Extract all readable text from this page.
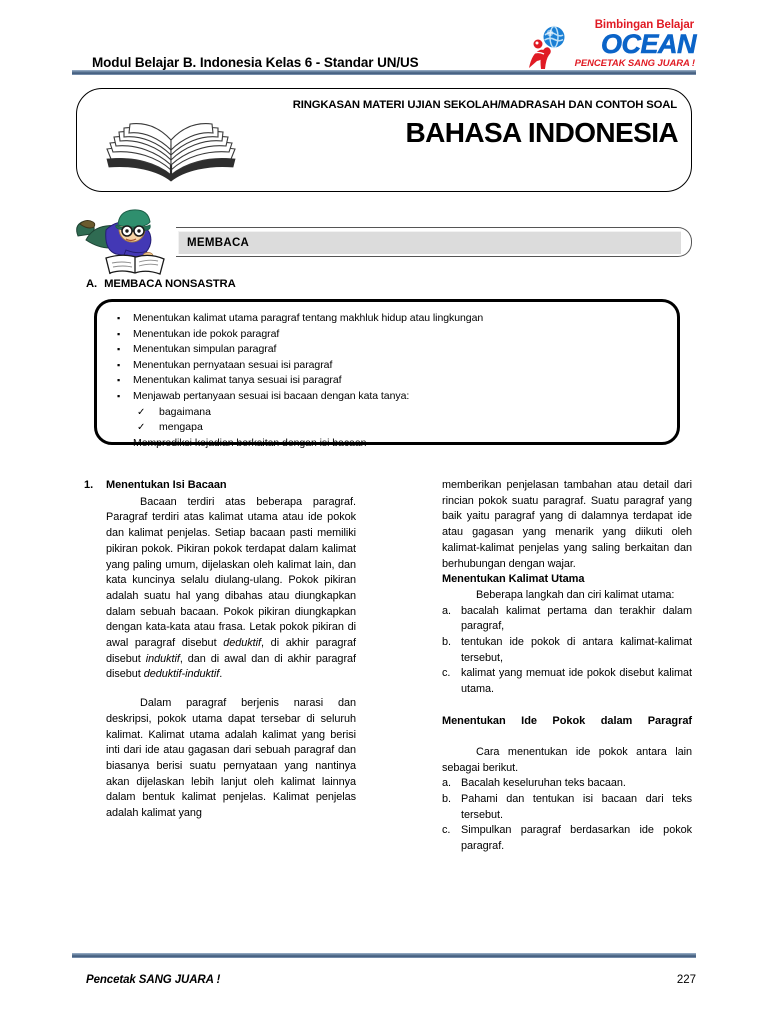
Modul Belajar B. Indonesia Kelas 6 - Standar UN/US
Bimbingan Belajar
OCEAN
PENCETAK SANG JUARA !
RINGKASAN MATERI UJIAN SEKOLAH/MADRASAH DAN CONTOH SOAL
BAHASA INDONESIA
MEMBACA
A. MEMBACA NONSASTRA
▪	Menentukan kalimat utama paragraf tentang makhluk hidup atau lingkungan
▪	Menentukan ide pokok paragraf
▪	Menentukan simpulan paragraf
▪	Menentukan pernyataan sesuai isi paragraf
▪	Menentukan kalimat tanya sesuai isi paragraf
▪	Menjawab pertanyaan sesuai isi bacaan dengan kata tanya:
✓	bagaimana
✓	mengapa
▪	Memprediksi kejadian berkaitan dengan isi bacaan
1.	Menentukan Isi Bacaan

Bacaan terdiri atas beberapa paragraf. Paragraf terdiri atas kalimat utama atau ide pokok dan kalimat penjelas. Setiap bacaan pasti memiliki pikiran pokok. Pikiran pokok terdapat dalam kalimat yang paling umum, dijelaskan oleh kalimat lain, dan kata kuncinya selalu diulang-ulang. Pokok pikiran adalah suatu hal yang dibahas atau diungkapkan dalam sebuah bacaan. Pokok pikiran diungkapkan dengan kata-kata atau frasa. Letak pokok pikiran di awal paragraf disebut deduktif, di akhir paragraf disebut induktif, dan di awal dan di akhir paragraf disebut deduktif-induktif.

Dalam paragraf berjenis narasi dan deskripsi, pokok utama dapat tersebar di seluruh kalimat. Kalimat utama adalah kalimat yang berisi inti dari ide atau gagasan dari sebuah paragraf dan biasanya berisi suatu pernyataan yang nantinya akan dijelaskan lebih lanjut oleh kalimat lainnya dalam bentuk kalimat penjelas. Kalimat penjelas adalah kalimat yang

memberikan penjelasan tambahan atau detail dari rincian pokok suatu paragraf. Suatu paragraf yang baik yaitu paragraf yang di dalamnya terdapat ide atau gagasan yang menarik yang diikuti oleh kalimat-kalimat penjelas yang saling berkaitan dan berhubungan dengan wajar.

Menentukan Kalimat Utama

Beberapa langkah dan ciri kalimat utama:

a. bacalah kalimat pertama dan terakhir dalam paragraf,
b. tentukan ide pokok di antara kalimat-kalimat tersebut,
c. kalimat yang memuat ide pokok disebut kalimat utama.
Menentukan Ide Pokok dalam Paragraf

Cara menentukan ide pokok antara lain sebagai berikut.

a. Bacalah keseluruhan teks bacaan.
b. Pahami dan tentukan isi bacaan dari teks tersebut.
c. Simpulkan paragraf berdasarkan ide pokok paragraf.
Pencetak SANG JUARA !	227
